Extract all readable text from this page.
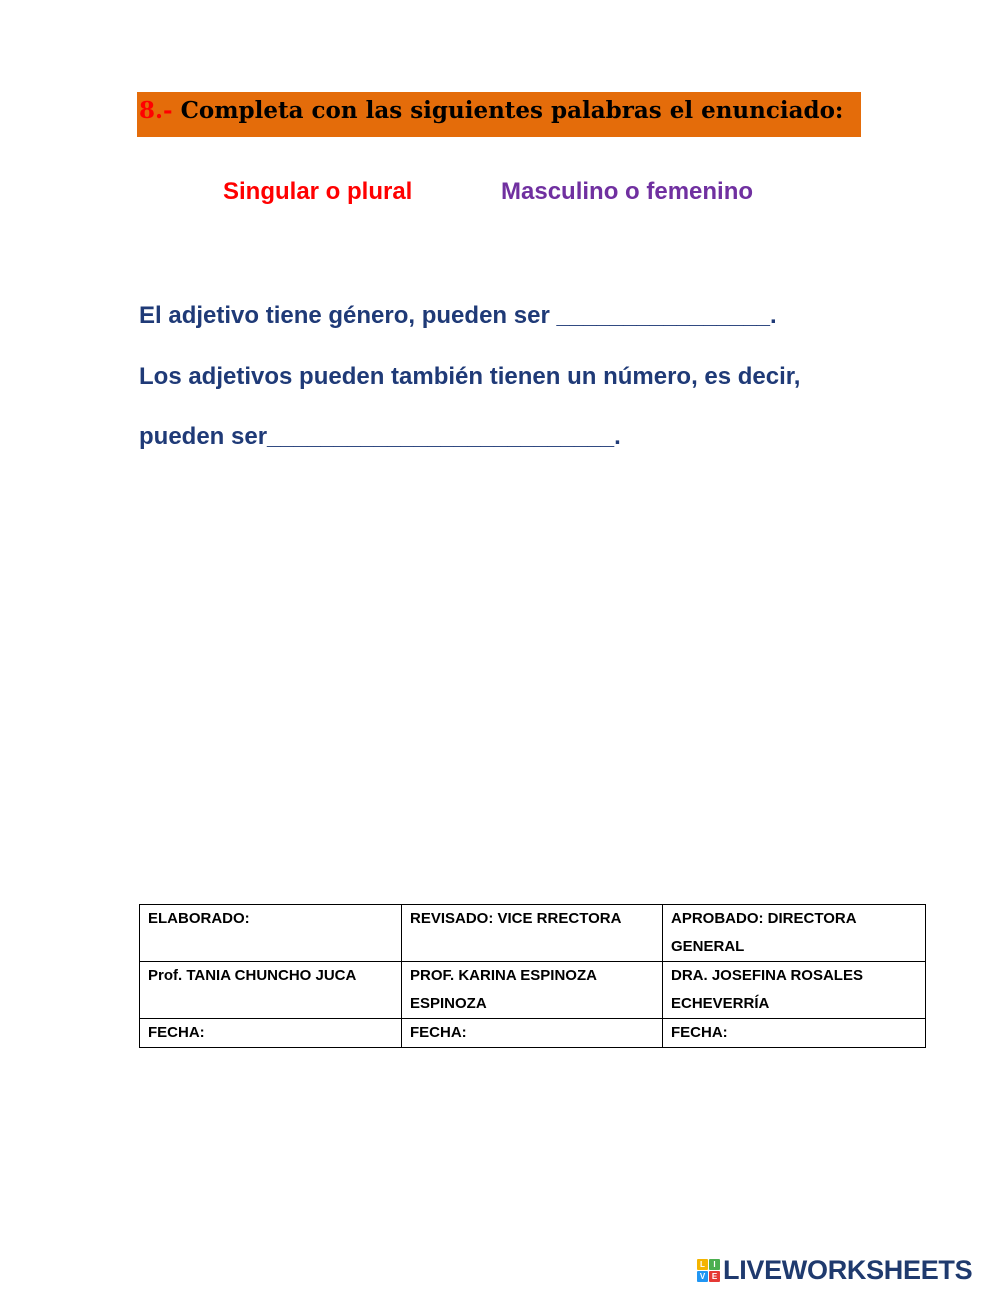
8.- Completa con las siguientes palabras el enunciado:
Singular o plural	Masculino o femenino
El adjetivo tiene género, pueden ser ________________.
Los adjetivos pueden también tienen un número, es decir,
pueden ser__________________________.
ELABORADO:	REVISADO: VICE RRECTORA	APROBADO: DIRECTORA GENERAL
Prof. TANIA CHUNCHO JUCA	PROF. KARINA ESPINOZA ESPINOZA	DRA. JOSEFINA ROSALES ECHEVERRÍA
FECHA:	FECHA:	FECHA:
L	I
V E LIVEWORKSHEETS
